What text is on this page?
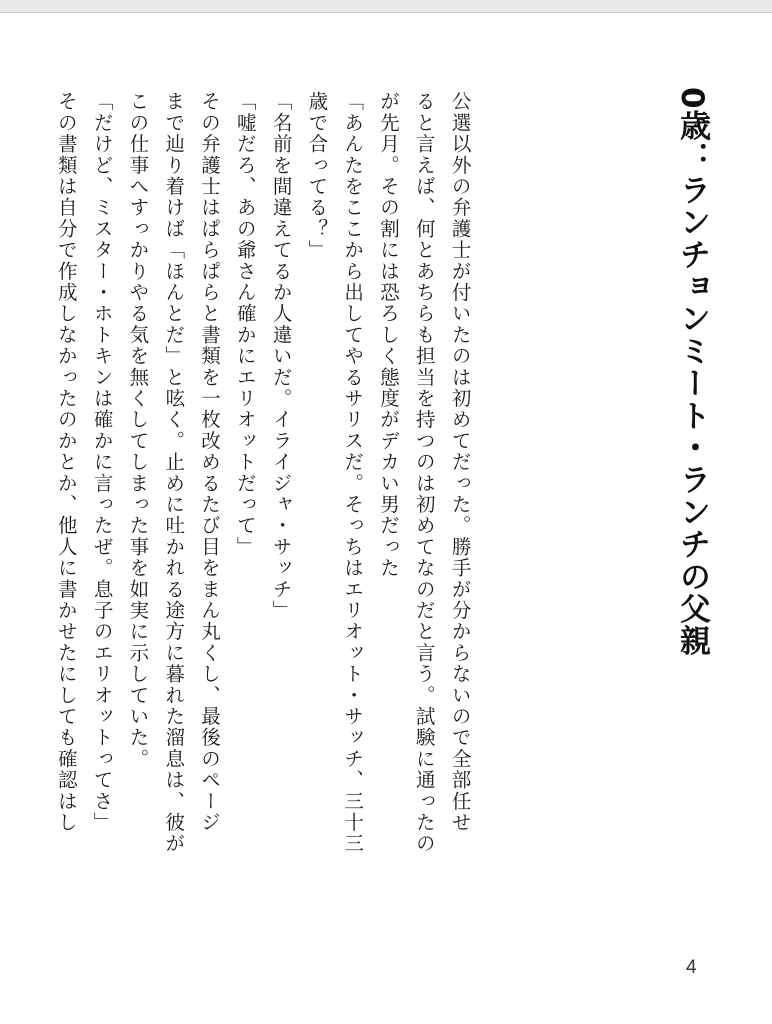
0歳：ランチョンミート・ランチの父親
公選以外の弁護士が付いたのは初めてだった。勝手が分からないので全部任せ
ると言えば、何とあちらも担当を持つのは初めてなのだと言う。試験に通ったの
が先月。その割には恐ろしく態度がデカい男だった
「あんたをここから出してやるサリスだ。そっちはエリオット・サッチ、三十三
歳で合ってる？」
「名前を間違えてるか人違いだ。イライジャ・サッチ」
「嘘だろ、あの爺さん確かにエリオットだって」
その弁護士はぱらぱらと書類を一枚改めるたび目をまん丸くし、最後のページ
まで辿り着けば「ほんとだ」と呟く。止めに吐かれる途方に暮れた溜息は、彼が
この仕事へすっかりやる気を無くしてしまった事を如実に示していた。
「だけど、ミスター・ホトキンは確かに言ったぜ。息子のエリオットってさ」
その書類は自分で作成しなかったのかとか、他人に書かせたにしても確認はし
4
